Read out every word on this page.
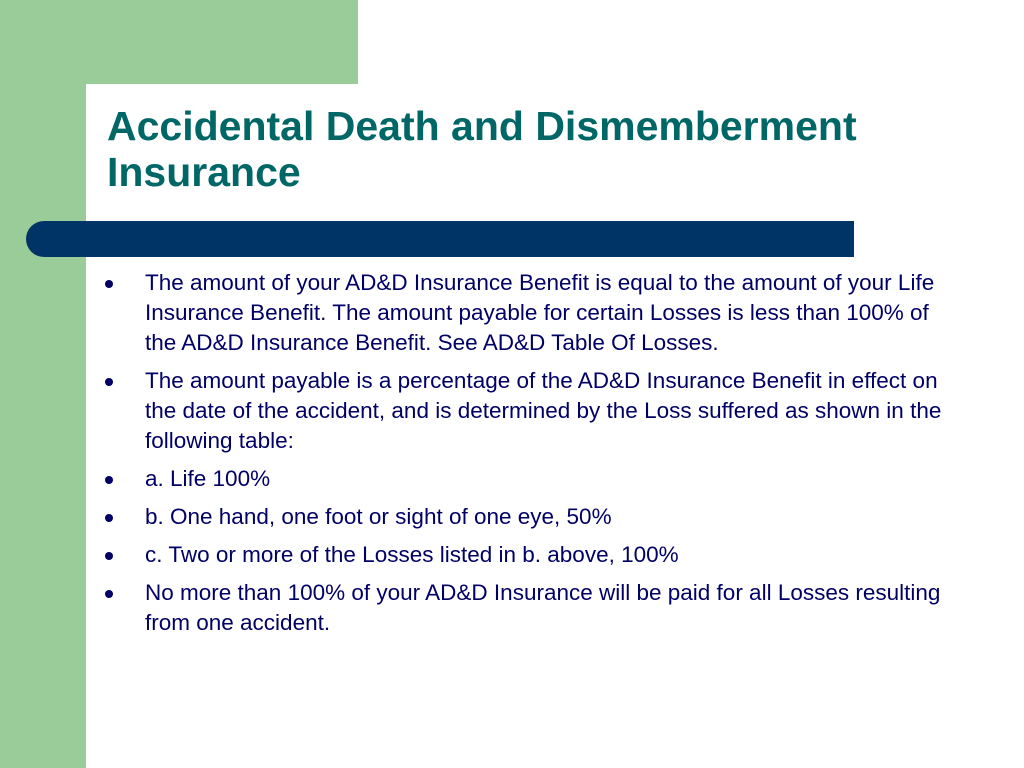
Accidental Death and Dismemberment Insurance
The amount of your AD&D Insurance Benefit is equal to the amount of your Life Insurance Benefit. The amount payable for certain Losses is less than 100% of the AD&D Insurance Benefit. See AD&D Table Of Losses.
The amount payable is a percentage of the AD&D Insurance Benefit in effect on the date of the accident, and is determined by the Loss suffered as shown in the following table:
a. Life 100%
b. One hand, one foot or sight of one eye, 50%
c. Two or more of the Losses listed in b. above, 100%
No more than 100% of your AD&D Insurance will be paid for all Losses resulting from one accident.
